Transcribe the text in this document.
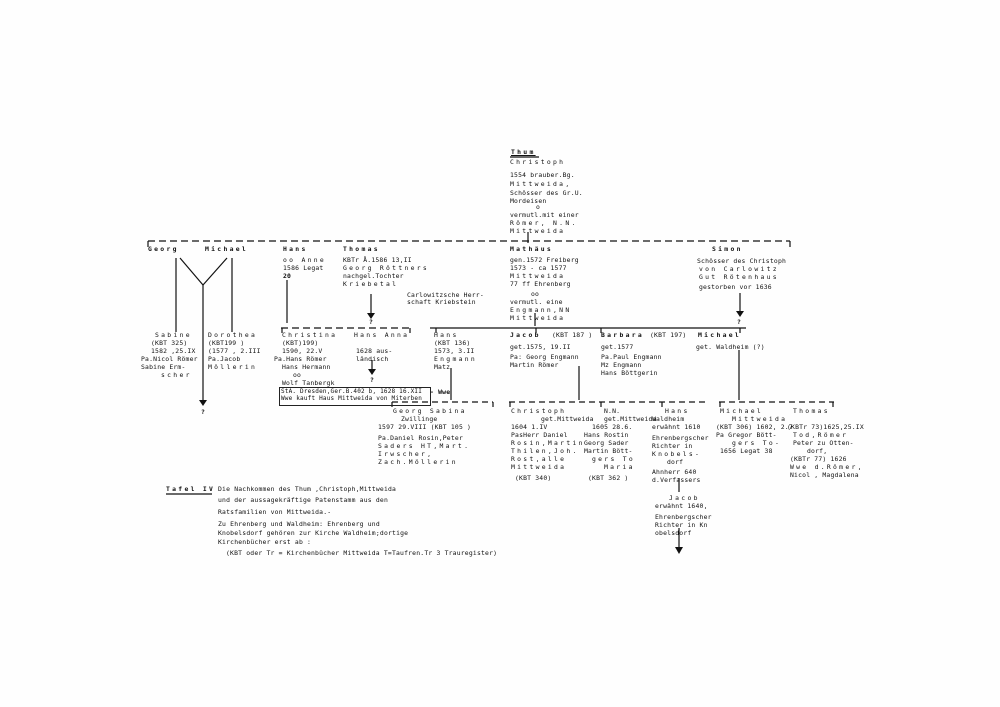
Thum
Christoph
1554 brauber.Bg.
Mittweida,
Schösser des Gr.U.
Mordeisen
o
vermutl.mit einer
Römer, N.N.
Mittweida
Georg	Michael	Hans
oo Anne
1586 Legat
20
Thomas
KBTr ̊A.1586 13,II
Georg Röttners
nachgel.Tochter
Kriebetal
?
Carlowitzsche Herr-
schaft Kriebstein
Mathäus
gen.1572 Freiberg
1573 - ca 1577
Mittweida
77 ff Ehrenberg
oo
vermutl. eine
Engmann,NN
Mittweida
Simon
Schösser des Christoph
von Carlowitz
Gut Rötenhaus
gestorben vor 1636
?
Sabine
(KBT 325)
1582 ,25.IX
Pa.Nicol Römer
Sabine Erm-
scher
Dorothea
(KBT199 )
(1577 , 2.III
Pa.Jacob
Möllerin
?
Christina
(KBT)199)
1590, 22.V
Pa.Hans Römer
Hans Hermann
oo
Wolf Tanbergk
Hans Anna
1628 aus-
ländisch
?
StA. Dresden,Ger.B.402 b, 1628 16.XII
Wwe kauft Haus Mittweida von Miterben
- Wwe
Hans
(KBT 136)
1573, 3.II
Engmann
Matz
Jacob (KBT 187 )
get.1575, 19.II
Pa: Georg Engmann
Martin Römer
Barbara (KBT 197)
get.1577
Pa.Paul Engmann
Mz Engmann
Hans Böttgerin
Michael
get. Waldheim (?)
Georg Sabina
Zwillinge
1597 29.VIII (KBT 105 )
Pa.Daniel Rosin,Peter
Saders HT,Mart.
Irwscher,
Zach.Möllerin
Christoph
get.Mittweida
1604 1.IV
PasHerr Daniel
Rosin,Martin
Thilen,Joh.
Rost,alle
Mittweida
(KBT 340)
N.N.
get.Mittweida
1605 28.6.
Hans Rostin
Georg Sader
Martin Bött-
gers To
Maria
(KBT 362 )
Hans
Waldheim
erwähnt 1610
Ehrenbergscher
Richter in
Knobels-
dorf
Ahnherr 640
d.Verfassers
Jacob
erwähnt 1640,
Ehrenbergscher
Richter in Kn
obelsdorf
Michael
Mittweida
(KBT 306) 1602, 2.7
Pa Gregor Bött-
gers To-
1656 Legat 38
Thomas
(KBTr 73)1625,25.IX
Tod,Römer
Peter zu Otten-
dorf,
(KBTr 77) 1626
Wwe d.Römer,
Nicol , Magdalena
Tafel IV Die Nachkommen des Thum ,Christoph,Mittweida
und der aussagekräftige Patenstamm aus den
Ratsfamilien von Mittweida.-
Zu Ehrenberg und Waldheim: Ehrenberg und
Knobelsdorf gehören zur Kirche Waldheim;dortige
Kirchenbücher erst ab :
(KBT oder Tr = Kirchenbücher Mittweida T=Taufren.Tr 3 Trauregister)
